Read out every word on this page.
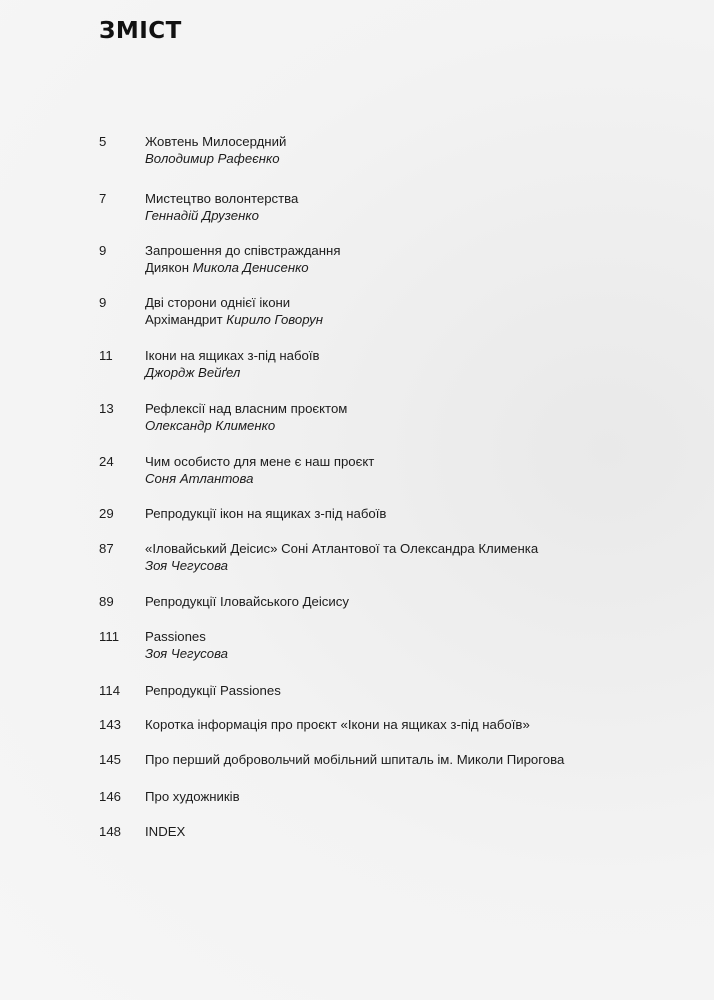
ЗМІСТ
5	Жовтень Милосердний
Володимир Рафеєнко
7	Мистецтво волонтерства
Геннадій Друзенко
9	Запрошення до співстраждання
Диякон Микола Денисенко
9	Дві сторони однієї ікони
Архімандрит Кирило Говорун
11	Ікони на ящиках з-під набоїв
Джордж Вейґел
13	Рефлексії над власним проєктом
Олександр Клименко
24	Чим особисто для мене є наш проєкт
Соня Атлантова
29	Репродукції ікон на ящиках з-під набоїв
87	«Іловайський Деісис» Соні Атлантової та Олександра Клименка
Зоя Чегусова
89	Репродукції Іловайського Деісису
111	Passiones
Зоя Чегусова
114	Репродукції Passiones
143	Коротка інформація про проєкт «Ікони на ящиках з-під набоїв»
145	Про перший добровольчий мобільний шпиталь ім. Миколи Пирогова
146	Про художників
148	INDEX
